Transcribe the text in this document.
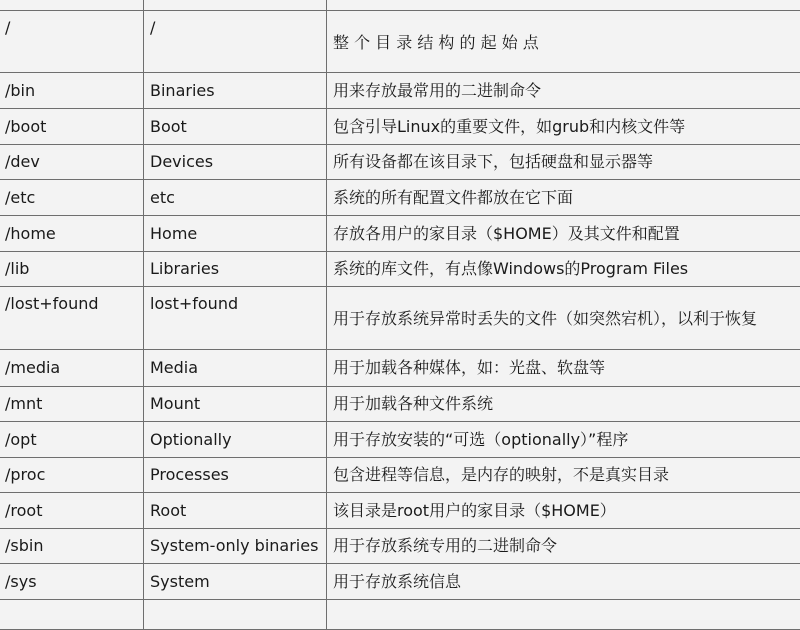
/	/	整 个 目 录 结 构 的 起 始 点
/bin	Binaries	用来存放最常用的二进制命令
/boot	Boot	包含引导Linux的重要文件，如grub和内核文件等
/dev	Devices	所有设备都在该目录下，包括硬盘和显示器等
/etc	etc	系统的所有配置文件都放在它下面
/home	Home	存放各用户的家目录（$HOME）及其文件和配置
/lib	Libraries	系统的库文件，有点像Windows的Program Files
/lost+found	lost+found	用于存放系统异常时丢失的文件（如突然宕机），以利于恢复
/media	Media	用于加载各种媒体，如：光盘、软盘等
/mnt	Mount	用于加载各种文件系统
/opt	Optionally	用于存放安装的“可选（optionally）”程序
/proc	Processes	包含进程等信息，是内存的映射，不是真实目录
/root	Root	该目录是root用户的家目录（$HOME）
/sbin	System-only binaries	用于存放系统专用的二进制命令
/sys	System	用于存放系统信息
